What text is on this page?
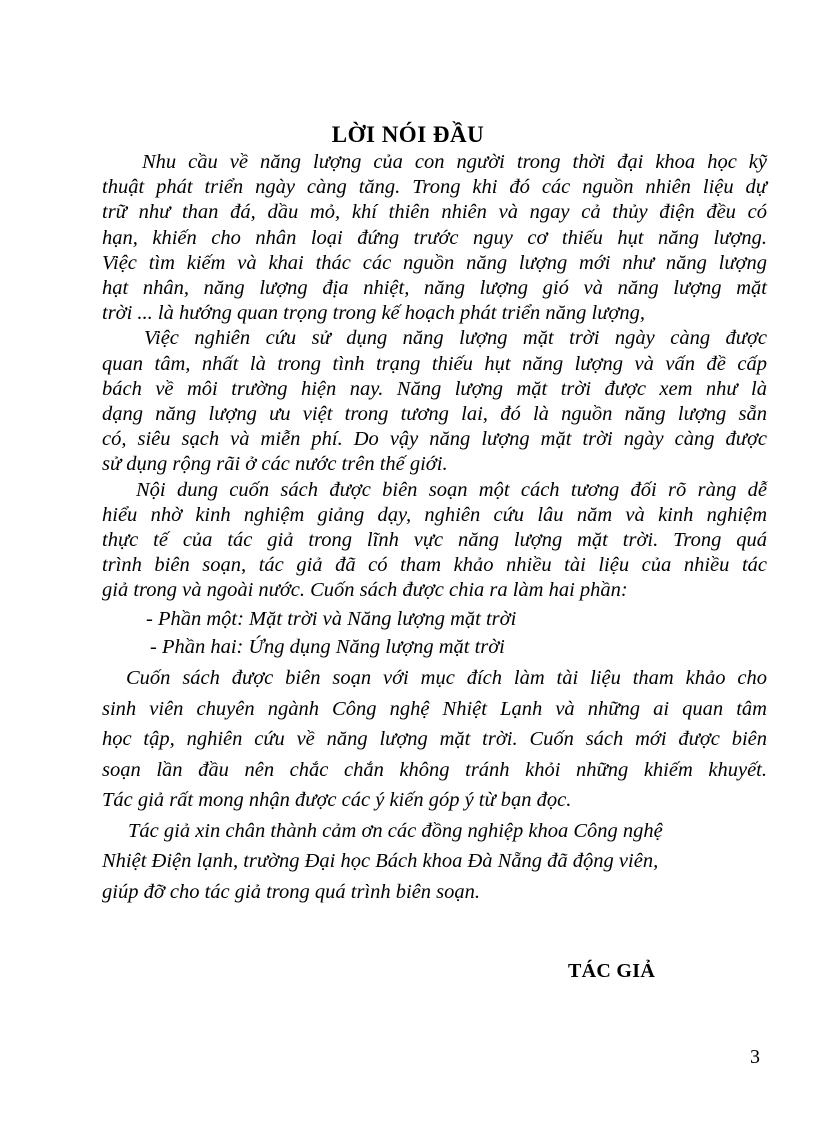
LỜI NÓI ĐẦU
Nhu cầu về năng lượng của con người trong thời đại khoa học kỹ
thuật phát triển ngày càng tăng. Trong khi đó các nguồn nhiên liệu dự
trữ như than đá, dầu mỏ, khí thiên nhiên và ngay cả thủy điện đều có
hạn, khiến cho nhân loại đứng trước nguy cơ thiếu hụt năng lượng.
Việc tìm kiếm và khai thác các nguồn năng lượng mới như năng lượng
hạt nhân, năng lượng địa nhiệt, năng lượng gió và năng lượng mặt
trời ... là hướng quan trọng trong kế hoạch phát triển năng lượng,
Việc nghiên cứu sử dụng năng lượng mặt trời ngày càng được
quan tâm, nhất là trong tình trạng thiếu hụt năng lượng và vấn đề cấp
bách về môi trường hiện nay. Năng lượng mặt trời được xem như là
dạng năng lượng ưu việt trong tương lai, đó là nguồn năng lượng sẵn
có, siêu sạch và miễn phí. Do vậy năng lượng mặt trời ngày càng được
sử dụng rộng rãi ở các nước trên thế giới.
Nội dung cuốn sách được biên soạn một cách tương đối rõ ràng dễ
hiểu nhờ kinh nghiệm giảng dạy, nghiên cứu lâu năm và kinh nghiệm
thực tế của tác giả trong lĩnh vực năng lượng mặt trời. Trong quá
trình biên soạn, tác giả đã có tham khảo nhiều tài liệu của nhiều tác
giả trong và ngoài nước. Cuốn sách được chia ra làm hai phần:
- Phần một: Mặt trời và Năng lượng mặt trời
- Phần hai: Ứng dụng Năng lượng mặt trời
Cuốn sách được biên soạn với mục đích làm tài liệu tham khảo cho
sinh viên chuyên ngành Công nghệ Nhiệt Lạnh và những ai quan tâm
học tập, nghiên cứu về năng lượng mặt trời. Cuốn sách mới được biên
soạn lần đầu nên chắc chắn không tránh khỏi những khiếm khuyết.
Tác giả rất mong nhận được các ý kiến góp ý từ bạn đọc.
Tác giả xin chân thành cảm ơn các đồng nghiệp khoa Công nghệ
Nhiệt Điện lạnh, trường Đại học Bách khoa Đà Nẵng đã động viên,
giúp đỡ cho tác giả trong quá trình biên soạn.
TÁC GIẢ
3
